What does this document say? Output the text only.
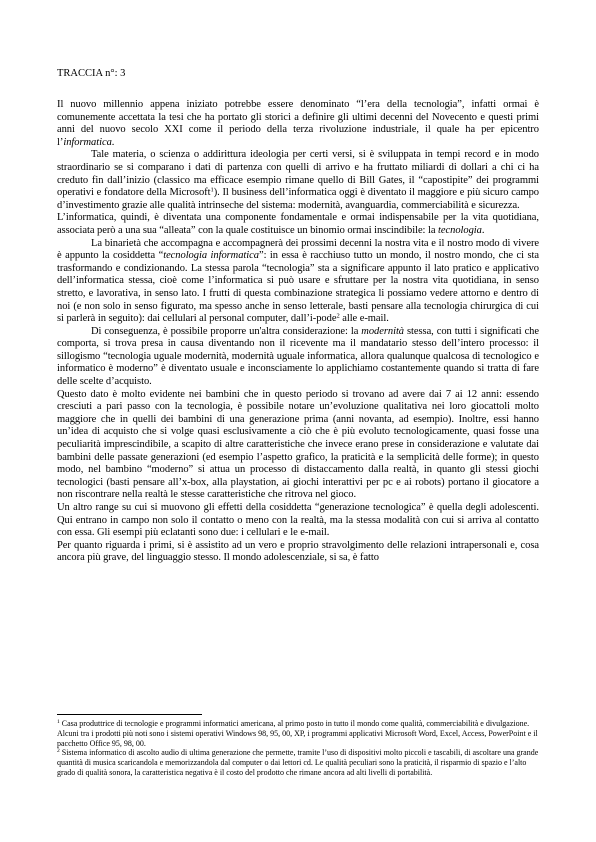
TRACCIA n°: 3

Il nuovo millennio appena iniziato potrebbe essere denominato “l’era della tecnologia”, infatti ormai è comunemente accettata la tesi che ha portato gli storici a definire gli ultimi decenni del Novecento e questi primi anni del nuovo secolo XXI come il periodo della terza rivoluzione industriale, il quale ha per epicentro l’informatica.

Tale materia, o scienza o addirittura ideologia per certi versi, si è sviluppata in tempi record e in modo straordinario se si comparano i dati di partenza con quelli di arrivo e ha fruttato miliardi di dollari a chi ci ha creduto fin dall’inizio (classico ma efficace esempio rimane quello di Bill Gates, il “capostipite” dei programmi operativi e fondatore della Microsoft$^1$). Il business dell’informatica oggi è diventato il maggiore e più sicuro campo d’investimento grazie alle qualità intrinseche del sistema: modernità, avanguardia, commerciabilità e sicurezza.

L’informatica, quindi, è diventata una componente fondamentale e ormai indispensabile per la vita quotidiana, associata però a una sua “alleata” con la quale costituisce un binomio ormai inscindibile: la tecnologia.

La binarietà che accompagna e accompagnerà dei prossimi decenni la nostra vita e il nostro modo di vivere è appunto la cosiddetta “tecnologia informatica”: in essa è racchiuso tutto un mondo, il nostro mondo, che ci sta trasformando e condizionando. La stessa parola “tecnologia” sta a significare appunto il lato pratico e applicativo dell’informatica stessa, cioè come l’informatica si può usare e sfruttare per la nostra vita quotidiana, in senso stretto, e lavorativa, in senso lato. I frutti di questa combinazione strategica li possiamo vedere attorno e dentro di noi (e non solo in senso figurato, ma spesso anche in senso letterale, basti pensare alla tecnologia chirurgica di cui si parlerà in seguito): dai cellulari al personal computer, dall’i-pode$^2$ alle e-mail.

Di conseguenza, è possibile proporre un'altra considerazione: la modernità stessa, con tutti i significati che comporta, si trova presa in causa diventando non il ricevente ma il mandatario stesso dell’intero processo: il sillogismo “tecnologia uguale modernità, modernità uguale informatica, allora qualunque qualcosa di tecnologico e informatico è moderno” è diventato usuale e inconsciamente lo applichiamo costantemente quando si tratta di fare delle scelte d’acquisto.

Questo dato è molto evidente nei bambini che in questo periodo si trovano ad avere dai 7 ai 12 anni: essendo cresciuti a pari passo con la tecnologia, è possibile notare un’evoluzione qualitativa nei loro giocattoli molto maggiore che in quelli dei bambini di una generazione prima (anni novanta, ad esempio). Inoltre, essi hanno un’idea di acquisto che si volge quasi esclusivamente a ciò che è più evoluto tecnologicamente, quasi fosse una peculiarità imprescindibile, a scapito di altre caratteristiche che invece erano prese in considerazione e valutate dai bambini delle passate generazioni (ed esempio l’aspetto grafico, la praticità e la semplicità delle forme); in questo modo, nel bambino “moderno” si attua un processo di distaccamento dalla realtà, in quanto gli stessi giochi tecnologici (basti pensare all’x-box, alla playstation, ai giochi interattivi per pc e ai robots) portano il giocatore a non riscontrare nella realtà le stesse caratteristiche che ritrova nel gioco.

Un altro range su cui si muovono gli effetti della cosiddetta “generazione tecnologica” è quella degli adolescenti. Qui entrano in campo non solo il contatto o meno con la realtà, ma la stessa modalità con cui si arriva al contatto con essa. Gli esempi più eclatanti sono due: i cellulari e le e-mail.

Per quanto riguarda i primi, si è assistito ad un vero e proprio stravolgimento delle relazioni intrapersonali e, cosa ancora più grave, del linguaggio stesso. Il mondo adolescenziale, si sa, è fatto

$^1$ Casa produttrice di tecnologie e programmi informatici americana, al primo posto in tutto il mondo come qualità, commerciabilità e divulgazione. Alcuni tra i prodotti più noti sono i sistemi operativi Windows 98, 95, 00, XP, i programmi applicativi Microsoft Word, Excel, Access, PowerPoint e il pacchetto Office 95, 98, 00.

$^2$ Sistema informatico di ascolto audio di ultima generazione che permette, tramite l’uso di dispositivi molto piccoli e tascabili, di ascoltare una grande quantità di musica scaricandola e memorizzandola dal computer o dai lettori cd. Le qualità peculiari sono la praticità, il risparmio di spazio e l’alto grado di qualità sonora, la caratteristica negativa è il costo del prodotto che rimane ancora ad alti livelli di portabilità.
